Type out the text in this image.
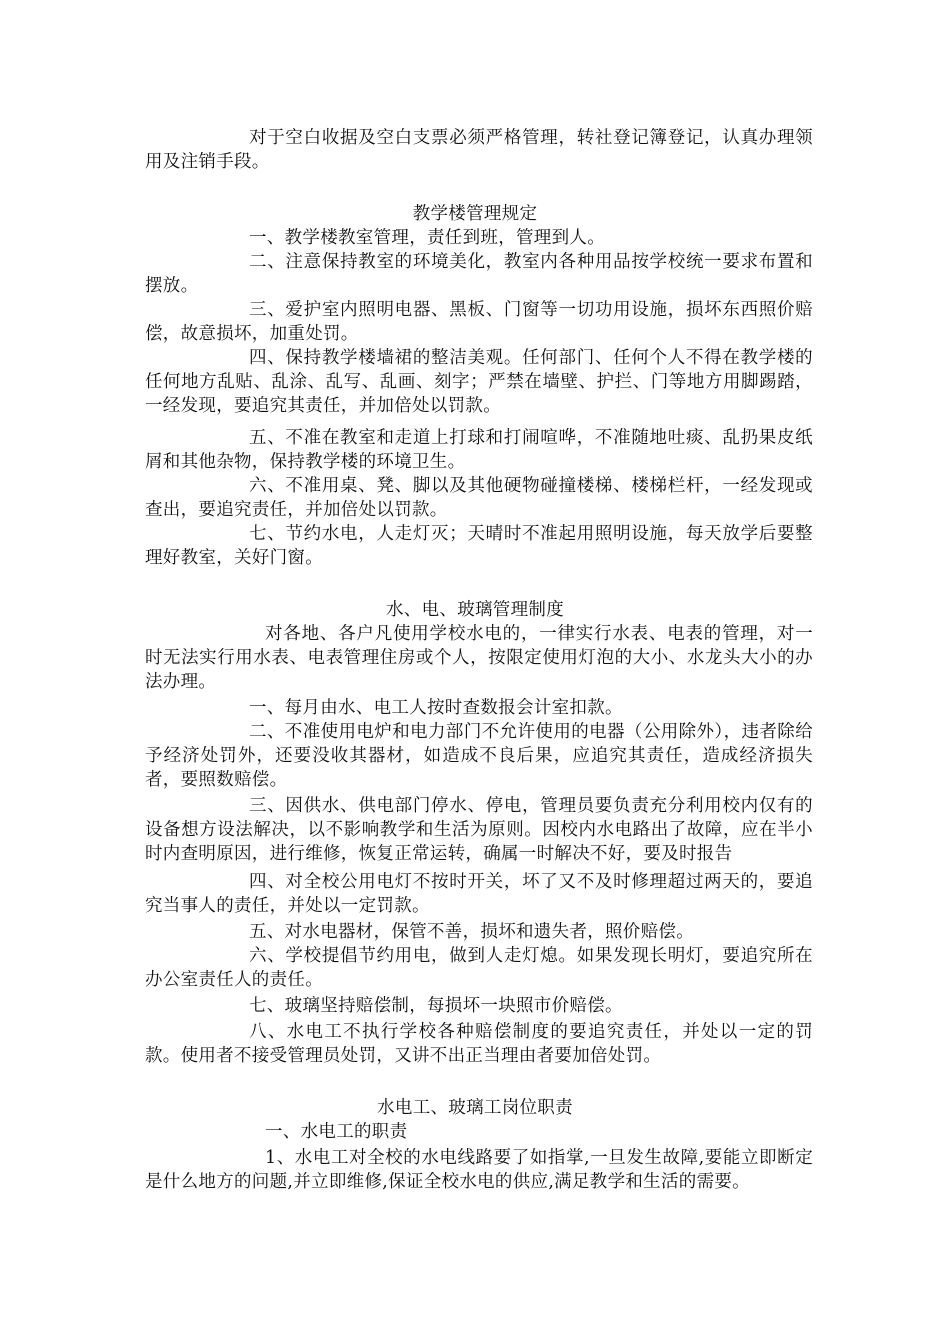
对于空白收据及空白支票必须严格管理，转社登记簿登记，认真办理领用及注销手段。

教学楼管理规定

一、教学楼教室管理，责任到班，管理到人。

二、注意保持教室的环境美化，教室内各种用品按学校统一要求布置和摆放。

三、爱护室内照明电器、黑板、门窗等一切功用设施，损坏东西照价赔偿，故意损坏，加重处罚。

四、保持教学楼墙裙的整洁美观。任何部门、任何个人不得在教学楼的任何地方乱贴、乱涂、乱写、乱画、刻字；严禁在墙壁、护拦、门等地方用脚踢踏，一经发现，要追究其责任，并加倍处以罚款。

五、不准在教室和走道上打球和打闹喧哗，不准随地吐痰、乱扔果皮纸屑和其他杂物，保持教学楼的环境卫生。

六、不准用桌、凳、脚以及其他硬物碰撞楼梯、楼梯栏杆，一经发现或查出，要追究责任，并加倍处以罚款。

七、节约水电，人走灯灭；天晴时不准起用照明设施，每天放学后要整理好教室，关好门窗。

水、电、玻璃管理制度

对各地、各户凡使用学校水电的，一律实行水表、电表的管理，对一时无法实行用水表、电表管理住房或个人，按限定使用灯泡的大小、水龙头大小的办法办理。

一、每月由水、电工人按时查数报会计室扣款。

二、不准使用电炉和电力部门不允许使用的电器（公用除外），违者除给予经济处罚外，还要没收其器材，如造成不良后果，应追究其责任，造成经济损失者，要照数赔偿。

三、因供水、供电部门停水、停电，管理员要负责充分利用校内仅有的设备想方设法解决，以不影响教学和生活为原则。因校内水电路出了故障，应在半小时内查明原因，进行维修，恢复正常运转，确属一时解决不好，要及时报告

四、对全校公用电灯不按时开关，坏了又不及时修理超过两天的，要追究当事人的责任，并处以一定罚款。

五、对水电器材，保管不善，损坏和遗失者，照价赔偿。

六、学校提倡节约用电，做到人走灯熄。如果发现长明灯，要追究所在办公室责任人的责任。

七、玻璃坚持赔偿制，每损坏一块照市价赔偿。

八、水电工不执行学校各种赔偿制度的要追究责任，并处以一定的罚款。使用者不接受管理员处罚，又讲不出正当理由者要加倍处罚。

水电工、玻璃工岗位职责

一、水电工的职责

1、水电工对全校的水电线路要了如指掌,一旦发生故障,要能立即断定是什么地方的问题,并立即维修,保证全校水电的供应,满足教学和生活的需要。
